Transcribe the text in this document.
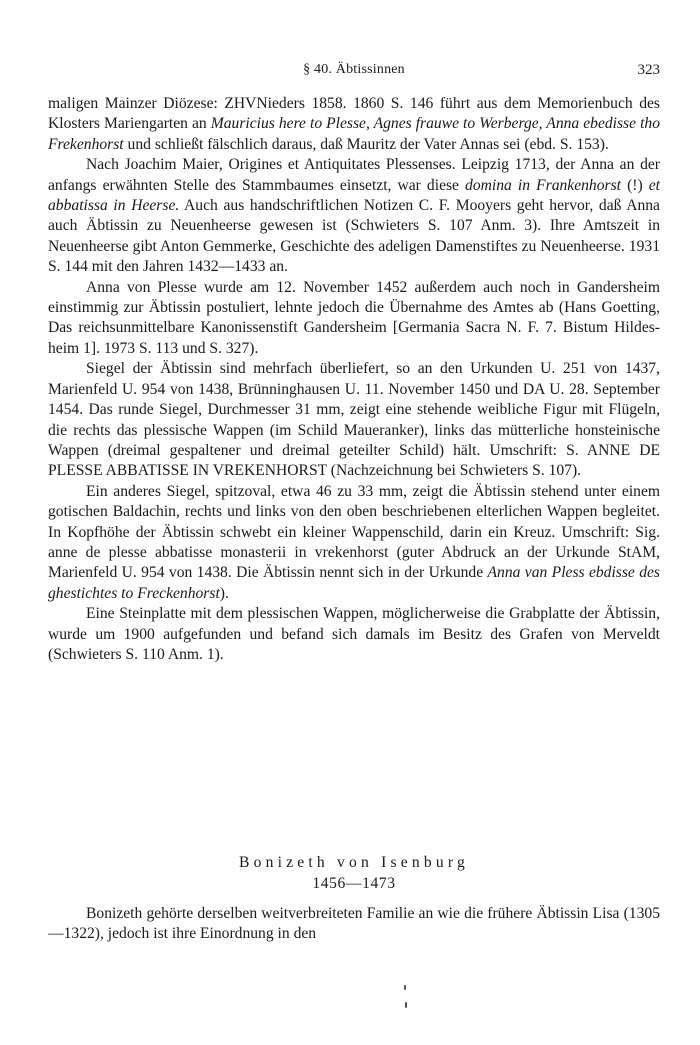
§ 40. Äbtissinnen	323

maligen Mainzer Diözese: ZHVNieders 1858. 1860 S. 146 führt aus dem Memorienbuch des Klosters Mariengarten an Mauricius here to Plesse, Agnes frauwe to Werberge, Anna ebedisse tho Frekenhorst und schließt fälschlich daraus, daß Mauritz der Vater Annas sei (ebd. S. 153).

Nach Joachim Maier, Origines et Antiquitates Plessenses. Leipzig 1713, der Anna an der anfangs erwähnten Stelle des Stammbaumes einsetzt, war diese domina in Frankenhorst (!) et abbatissa in Heerse. Auch aus handschriftlichen Notizen C. F. Mooyers geht hervor, daß Anna auch Äbtissin zu Neuenheerse gewesen ist (Schwieters S. 107 Anm. 3). Ihre Amtszeit in Neuenheerse gibt Anton Gemmerke, Geschichte des adeligen Damenstiftes zu Neuenheerse. 1931 S. 144 mit den Jahren 1432—1433 an.

Anna von Plesse wurde am 12. November 1452 außerdem auch noch in Gandersheim einstimmig zur Äbtissin postuliert, lehnte jedoch die Übernahme des Amtes ab (Hans Goetting, Das reichsunmittelbare Kanonissenstift Gandersheim [Germania Sacra N. F. 7. Bistum Hildes-heim 1]. 1973 S. 113 und S. 327).

Siegel der Äbtissin sind mehrfach überliefert, so an den Urkunden U. 251 von 1437, Marienfeld U. 954 von 1438, Brünninghausen U. 11. November 1450 und DA U. 28. September 1454. Das runde Siegel, Durchmesser 31 mm, zeigt eine stehende weibliche Figur mit Flügeln, die rechts das plessische Wappen (im Schild Maueranker), links das mütterliche honsteinische Wappen (dreimal gespaltener und dreimal geteilter Schild) hält. Umschrift: S. ANNE DE PLESSE ABBATISSE IN VREKENHORST (Nachzeichnung bei Schwieters S. 107).

Ein anderes Siegel, spitzoval, etwa 46 zu 33 mm, zeigt die Äbtissin stehend unter einem gotischen Baldachin, rechts und links von den oben beschriebenen elterlichen Wappen begleitet. In Kopfhöhe der Äbtissin schwebt ein kleiner Wappenschild, darin ein Kreuz. Umschrift: Sig. anne de plesse abbatisse monasterii in vrekenhorst (guter Abdruck an der Urkunde StAM, Marienfeld U. 954 von 1438. Die Äbtissin nennt sich in der Urkunde Anna van Pless ebdisse des ghestichtes to Freckenhorst).

Eine Steinplatte mit dem plessischen Wappen, möglicherweise die Grabplatte der Äbtissin, wurde um 1900 aufgefunden und befand sich damals im Besitz des Grafen von Merveldt (Schwieters S. 110 Anm. 1).

Bonizeth von Isenburg
1456—1473

Bonizeth gehörte derselben weitverbreiteten Familie an wie die frühere Äbtissin Lisa (1305—1322), jedoch ist ihre Einordnung in den
